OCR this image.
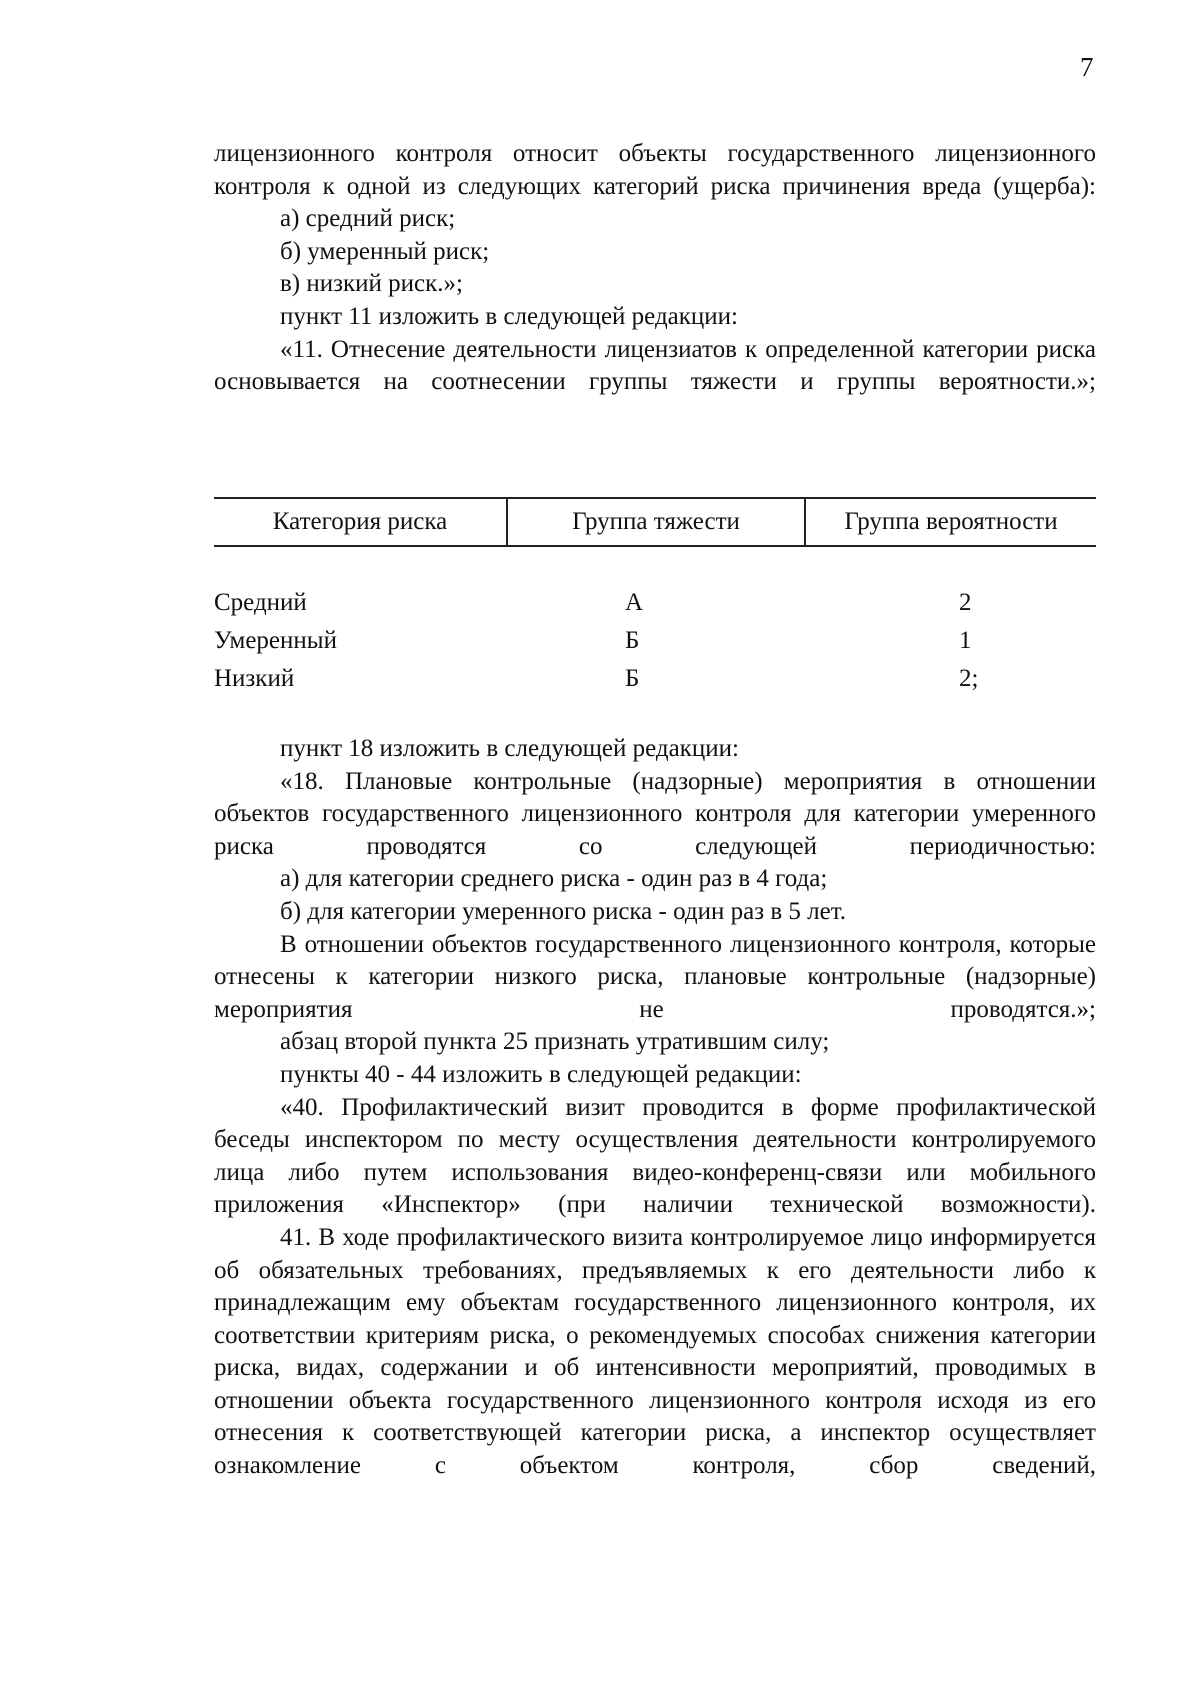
7

лицензионного контроля относит объекты государственного лицензионного контроля к одной из следующих категорий риска причинения вреда (ущерба):

а) средний риск;

б) умеренный риск;

в) низкий риск.»;

пункт 11 изложить в следующей редакции:

«11. Отнесение деятельности лицензиатов к определенной категории риска основывается на соотнесении группы тяжести и группы вероятности.»;

Категория риска	Группа тяжести	Группа вероятности
Средний	А	2
Умеренный	Б	1
Низкий	Б	2;

пункт 18 изложить в следующей редакции:

«18. Плановые контрольные (надзорные) мероприятия в отношении объектов государственного лицензионного контроля для категории умеренного риска проводятся со следующей периодичностью:

а) для категории среднего риска - один раз в 4 года;

б) для категории умеренного риска - один раз в 5 лет.

В отношении объектов государственного лицензионного контроля, которые отнесены к категории низкого риска, плановые контрольные (надзорные) мероприятия не проводятся.»;

абзац второй пункта 25 признать утратившим силу;

пункты 40 - 44 изложить в следующей редакции:

«40. Профилактический визит проводится в форме профилактической беседы инспектором по месту осуществления деятельности контролируемого лица либо путем использования видео-конференц-связи или мобильного приложения «Инспектор» (при наличии технической возможности).

41. В ходе профилактического визита контролируемое лицо информируется об обязательных требованиях, предъявляемых к его деятельности либо к принадлежащим ему объектам государственного лицензионного контроля, их соответствии критериям риска, о рекомендуемых способах снижения категории риска, видах, содержании и об интенсивности мероприятий, проводимых в отношении объекта государственного лицензионного контроля исходя из его отнесения к соответствующей категории риска, а инспектор осуществляет ознакомление с объектом контроля, сбор сведений,
